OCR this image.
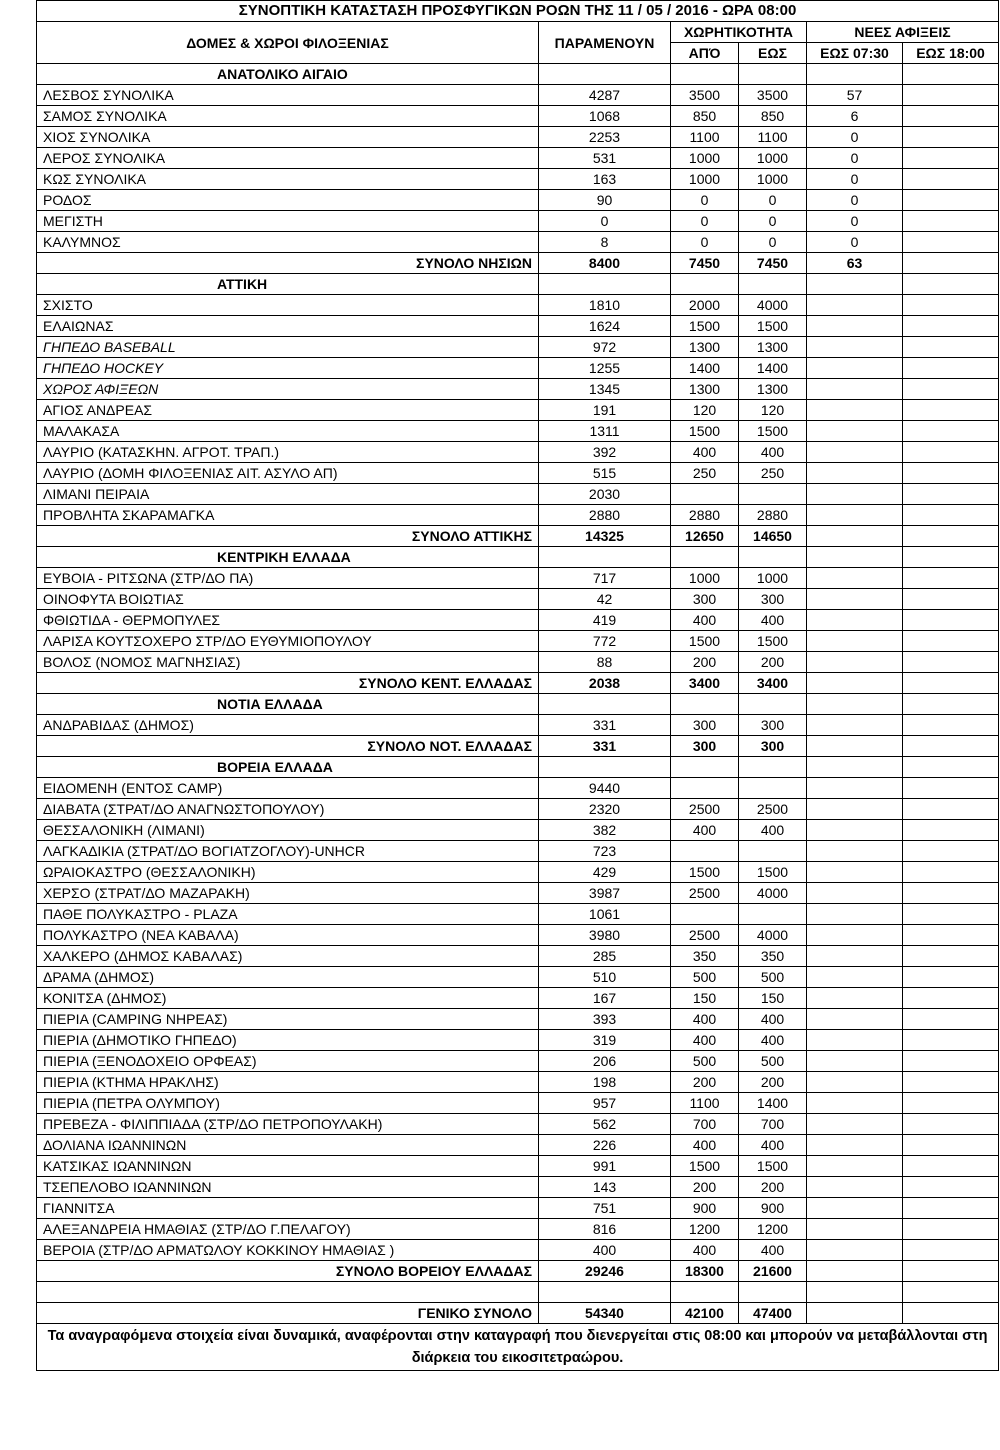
ΣΥΝΟΠΤΙΚΗ ΚΑΤΑΣΤΑΣΗ ΠΡΟΣΦΥΓΙΚΩΝ ΡΟΩΝ ΤΗΣ 11 / 05 / 2016 - ΩΡΑ 08:00					
ΔΟΜΕΣ & ΧΩΡΟΙ ΦΙΛΟΞΕΝΙΑΣ	ΠΑΡΑΜΕΝΟΥΝ	ΧΩΡΗΤΙΚΟΤΗΤΑ		ΝΕΕΣ ΑΦΙΞΕΙΣ	
		ΑΠΌ	ΕΩΣ	ΕΩΣ 07:30	ΕΩΣ 18:00
ΑΝΑΤΟΛΙΚΟ ΑΙΓΑΙΟ					
ΛΕΣΒΟΣ ΣΥΝΟΛΙΚΑ	4287	3500	3500	57	
ΣΑΜΟΣ ΣΥΝΟΛΙΚΑ	1068	850	850	6	
ΧΙΟΣ ΣΥΝΟΛΙΚΑ	2253	1100	1100	0	
ΛΕΡΟΣ ΣΥΝΟΛΙΚΑ	531	1000	1000	0	
ΚΩΣ ΣΥΝΟΛΙΚΑ	163	1000	1000	0	
ΡΟΔΟΣ	90	0	0	0	
ΜΕΓΙΣΤΗ	0	0	0	0	
ΚΑΛΥΜΝΟΣ	8	0	0	0	
ΣΥΝΟΛΟ ΝΗΣΙΩΝ	8400	7450	7450	63	
ΑΤΤΙΚΗ					
ΣΧΙΣΤΟ	1810	2000	4000		
ΕΛΑΙΩΝΑΣ	1624	1500	1500		
ΓΗΠΕΔΟ BASEBALL	972	1300	1300		
ΓΗΠΕΔΟ HOCKEY	1255	1400	1400		
ΧΩΡΟΣ ΑΦΙΞΕΩΝ	1345	1300	1300		
ΑΓΙΟΣ ΑΝΔΡΕΑΣ	191	120	120		
ΜΑΛΑΚΑΣΑ	1311	1500	1500		
ΛΑΥΡΙΟ (ΚΑΤΑΣΚΗΝ. ΑΓΡΟΤ. ΤΡΑΠ.)	392	400	400		
ΛΑΥΡΙΟ (ΔΟΜΗ ΦΙΛΟΞΕΝΙΑΣ ΑΙΤ. ΑΣΥΛΟ ΑΠ)	515	250	250		
ΛΙΜΑΝΙ ΠΕΙΡΑΙΑ	2030				
ΠΡΟΒΛΗΤΑ ΣΚΑΡΑΜΑΓΚΑ	2880	2880	2880		
ΣΥΝΟΛΟ ΑΤΤΙΚΗΣ	14325	12650	14650		
ΚΕΝΤΡΙΚΗ ΕΛΛΑΔΑ					
ΕΥΒΟΙΑ - ΡΙΤΣΩΝΑ (ΣΤΡ/ΔΟ ΠΑ)	717	1000	1000		
ΟΙΝΟΦΥΤΑ ΒΟΙΩΤΙΑΣ	42	300	300		
ΦΘΙΩΤΙΔΑ - ΘΕΡΜΟΠΥΛΕΣ	419	400	400		
ΛΑΡΙΣΑ ΚΟΥΤΣΟΧΕΡΟ ΣΤΡ/ΔΟ ΕΥΘΥΜΙΟΠΟΥΛΟΥ	772	1500	1500		
ΒΟΛΟΣ (ΝΟΜΟΣ ΜΑΓΝΗΣΙΑΣ)	88	200	200		
ΣΥΝΟΛΟ ΚΕΝΤ. ΕΛΛΑΔΑΣ	2038	3400	3400		
ΝΟΤΙΑ ΕΛΛΑΔΑ					
ΑΝΔΡΑΒΙΔΑΣ (ΔΗΜΟΣ)	331	300	300		
ΣΥΝΟΛΟ ΝΟΤ. ΕΛΛΑΔΑΣ	331	300	300		
ΒΟΡΕΙΑ ΕΛΛΑΔΑ					
ΕΙΔΟΜΕΝΗ (ΕΝΤΟΣ CAMP)	9440				
ΔΙΑΒΑΤΑ (ΣΤΡΑΤ/ΔΟ ΑΝΑΓΝΩΣΤΟΠΟΥΛΟΥ)	2320	2500	2500		
ΘΕΣΣΑΛΟΝΙΚΗ (ΛΙΜΑΝΙ)	382	400	400		
ΛΑΓΚΑΔΙΚΙΑ (ΣΤΡΑΤ/ΔΟ ΒΟΓΙΑΤΖΟΓΛΟΥ)-UNHCR	723				
ΩΡΑΙΟΚΑΣΤΡΟ (ΘΕΣΣΑΛΟΝΙΚΗ)	429	1500	1500		
ΧΕΡΣΟ (ΣΤΡΑΤ/ΔΟ ΜΑΖΑΡΑΚΗ)	3987	2500	4000		
ΠΑΘΕ ΠΟΛΥΚΑΣΤΡΟ - PLAZA	1061				
ΠΟΛΥΚΑΣΤΡΟ (ΝΕΑ ΚΑΒΑΛΑ)	3980	2500	4000		
ΧΑΛΚΕΡΟ (ΔΗΜΟΣ ΚΑΒΑΛΑΣ)	285	350	350		
ΔΡΑΜΑ (ΔΗΜΟΣ)	510	500	500		
ΚΟΝΙΤΣΑ (ΔΗΜΟΣ)	167	150	150		
ΠΙΕΡΙΑ (CAMPING ΝΗΡΕΑΣ)	393	400	400		
ΠΙΕΡΙΑ (ΔΗΜΟΤΙΚΟ ΓΗΠΕΔΟ)	319	400	400		
ΠΙΕΡΙΑ (ΞΕΝΟΔΟΧΕΙΟ ΟΡΦΕΑΣ)	206	500	500		
ΠΙΕΡΙΑ (ΚΤΗΜΑ ΗΡΑΚΛΗΣ)	198	200	200		
ΠΙΕΡΙΑ (ΠΕΤΡΑ ΟΛΥΜΠΟΥ)	957	1100	1400		
ΠΡΕΒΕΖΑ - ΦΙΛΙΠΠΙΑΔΑ (ΣΤΡ/ΔΟ ΠΕΤΡΟΠΟΥΛΑΚΗ)	562	700	700		
ΔΟΛΙΑΝΑ ΙΩΑΝΝΙΝΩΝ	226	400	400		
ΚΑΤΣΙΚΑΣ ΙΩΑΝΝΙΝΩΝ	991	1500	1500		
ΤΣΕΠΕΛΟΒΟ ΙΩΑΝΝΙΝΩΝ	143	200	200		
ΓΙΑΝΝΙΤΣΑ	751	900	900		
ΑΛΕΞΑΝΔΡΕΙΑ ΗΜΑΘΙΑΣ (ΣΤΡ/ΔΟ Γ.ΠΕΛΑΓΟΥ)	816	1200	1200		
ΒΕΡΟΙΑ (ΣΤΡ/ΔΟ ΑΡΜΑΤΩΛΟΥ ΚΟΚΚΙΝΟΥ ΗΜΑΘΙΑΣ )	400	400	400		
ΣΥΝΟΛΟ ΒΟΡΕΙΟΥ ΕΛΛΑΔΑΣ	29246	18300	21600		

ΓΕΝΙΚΟ ΣΥΝΟΛΟ	54340	42100	47400		
Τα αναγραφόμενα στοιχεία είναι δυναμικά, αναφέρονται στην καταγραφή που διενεργείται στις 08:00 και μπορούν να μεταβάλλονται στη διάρκεια του εικοσιτετραώρου.					
